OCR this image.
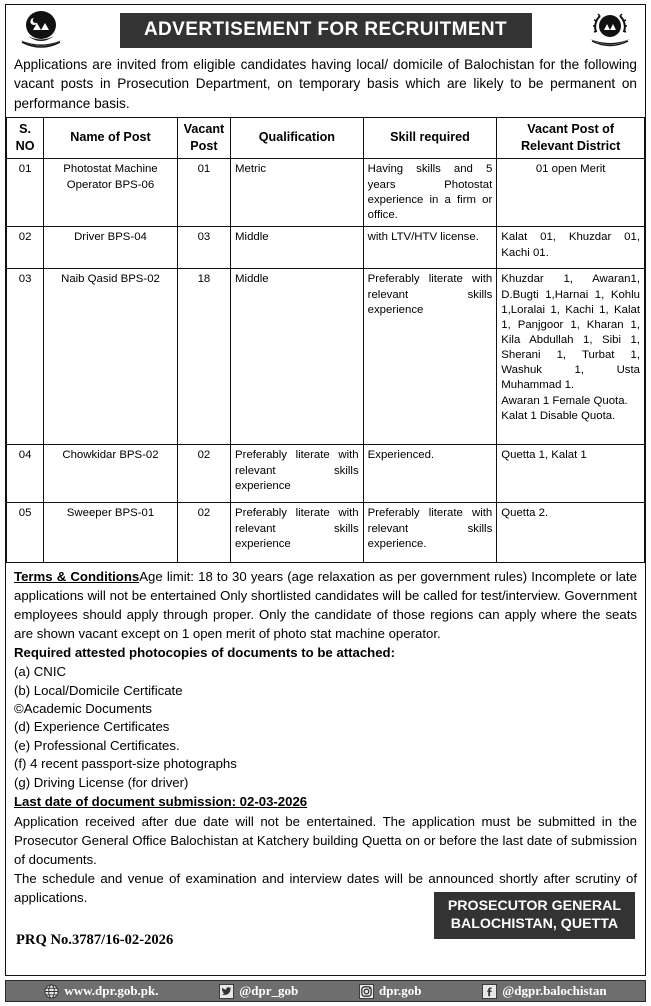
ADVERTISEMENT FOR RECRUITMENT
Applications are invited from eligible candidates having local/ domicile of Balochistan for the following vacant posts in Prosecution Department, on temporary basis which are likely to be permanent on performance basis.
S. NO	Name of Post	Vacant Post	Qualification	Skill required	Vacant Post of Relevant District
01	Photostat Machine Operator BPS-06	01	Metric	Having skills and 5 years Photostat experience in a firm or office.	01 open Merit
02	Driver BPS-04	03	Middle	with LTV/HTV license.	Kalat 01, Khuzdar 01, Kachi 01.
03	Naib Qasid BPS-02	18	Middle	Preferably literate with relevant skills experience	Khuzdar 1, Awaran1, D.Bugti 1,Harnai 1, Kohlu 1,Loralai 1, Kachi 1, Kalat 1, Panjgoor 1, Kharan 1, Kila Abdullah 1, Sibi 1, Sherani 1, Turbat 1, Washuk 1, Usta Muhammad 1.
Awaran 1 Female Quota.
Kalat 1 Disable Quota.

04	Chowkidar BPS-02	02	Preferably literate with relevant skills experience	Experienced.	Quetta 1, Kalat 1
05	Sweeper BPS-01	02	Preferably literate with relevant skills experience	Preferably literate with relevant skills experience.	Quetta 2.
Terms & ConditionsAge limit: 18 to 30 years (age relaxation as per government rules) Incomplete or late applications will not be entertained Only shortlisted candidates will be called for test/interview. Government employees should apply through proper. Only the candidate of those regions can apply where the seats are shown vacant except on 1 open merit of photo stat machine operator.
Required attested photocopies of documents to be attached:
(a) CNIC
(b) Local/Domicile Certificate
©Academic Documents
(d) Experience Certificates
(e) Professional Certificates.
(f) 4 recent passport-size photographs
(g) Driving License (for driver)
Last date of document submission: 02-03-2026
Application received after due date will not be entertained. The application must be submitted in the Prosecutor General Office Balochistan at Katchery building Quetta on or before the last date of submission of documents.
The schedule and venue of examination and interview dates will be announced shortly after scrutiny of applications.
PROSECUTOR GENERAL
BALOCHISTAN, QUETTA
PRQ No.3787/16-02-2026
www.dpr.gob.pk.	@dpr_gob	dpr.gob	@dgpr.balochistan
